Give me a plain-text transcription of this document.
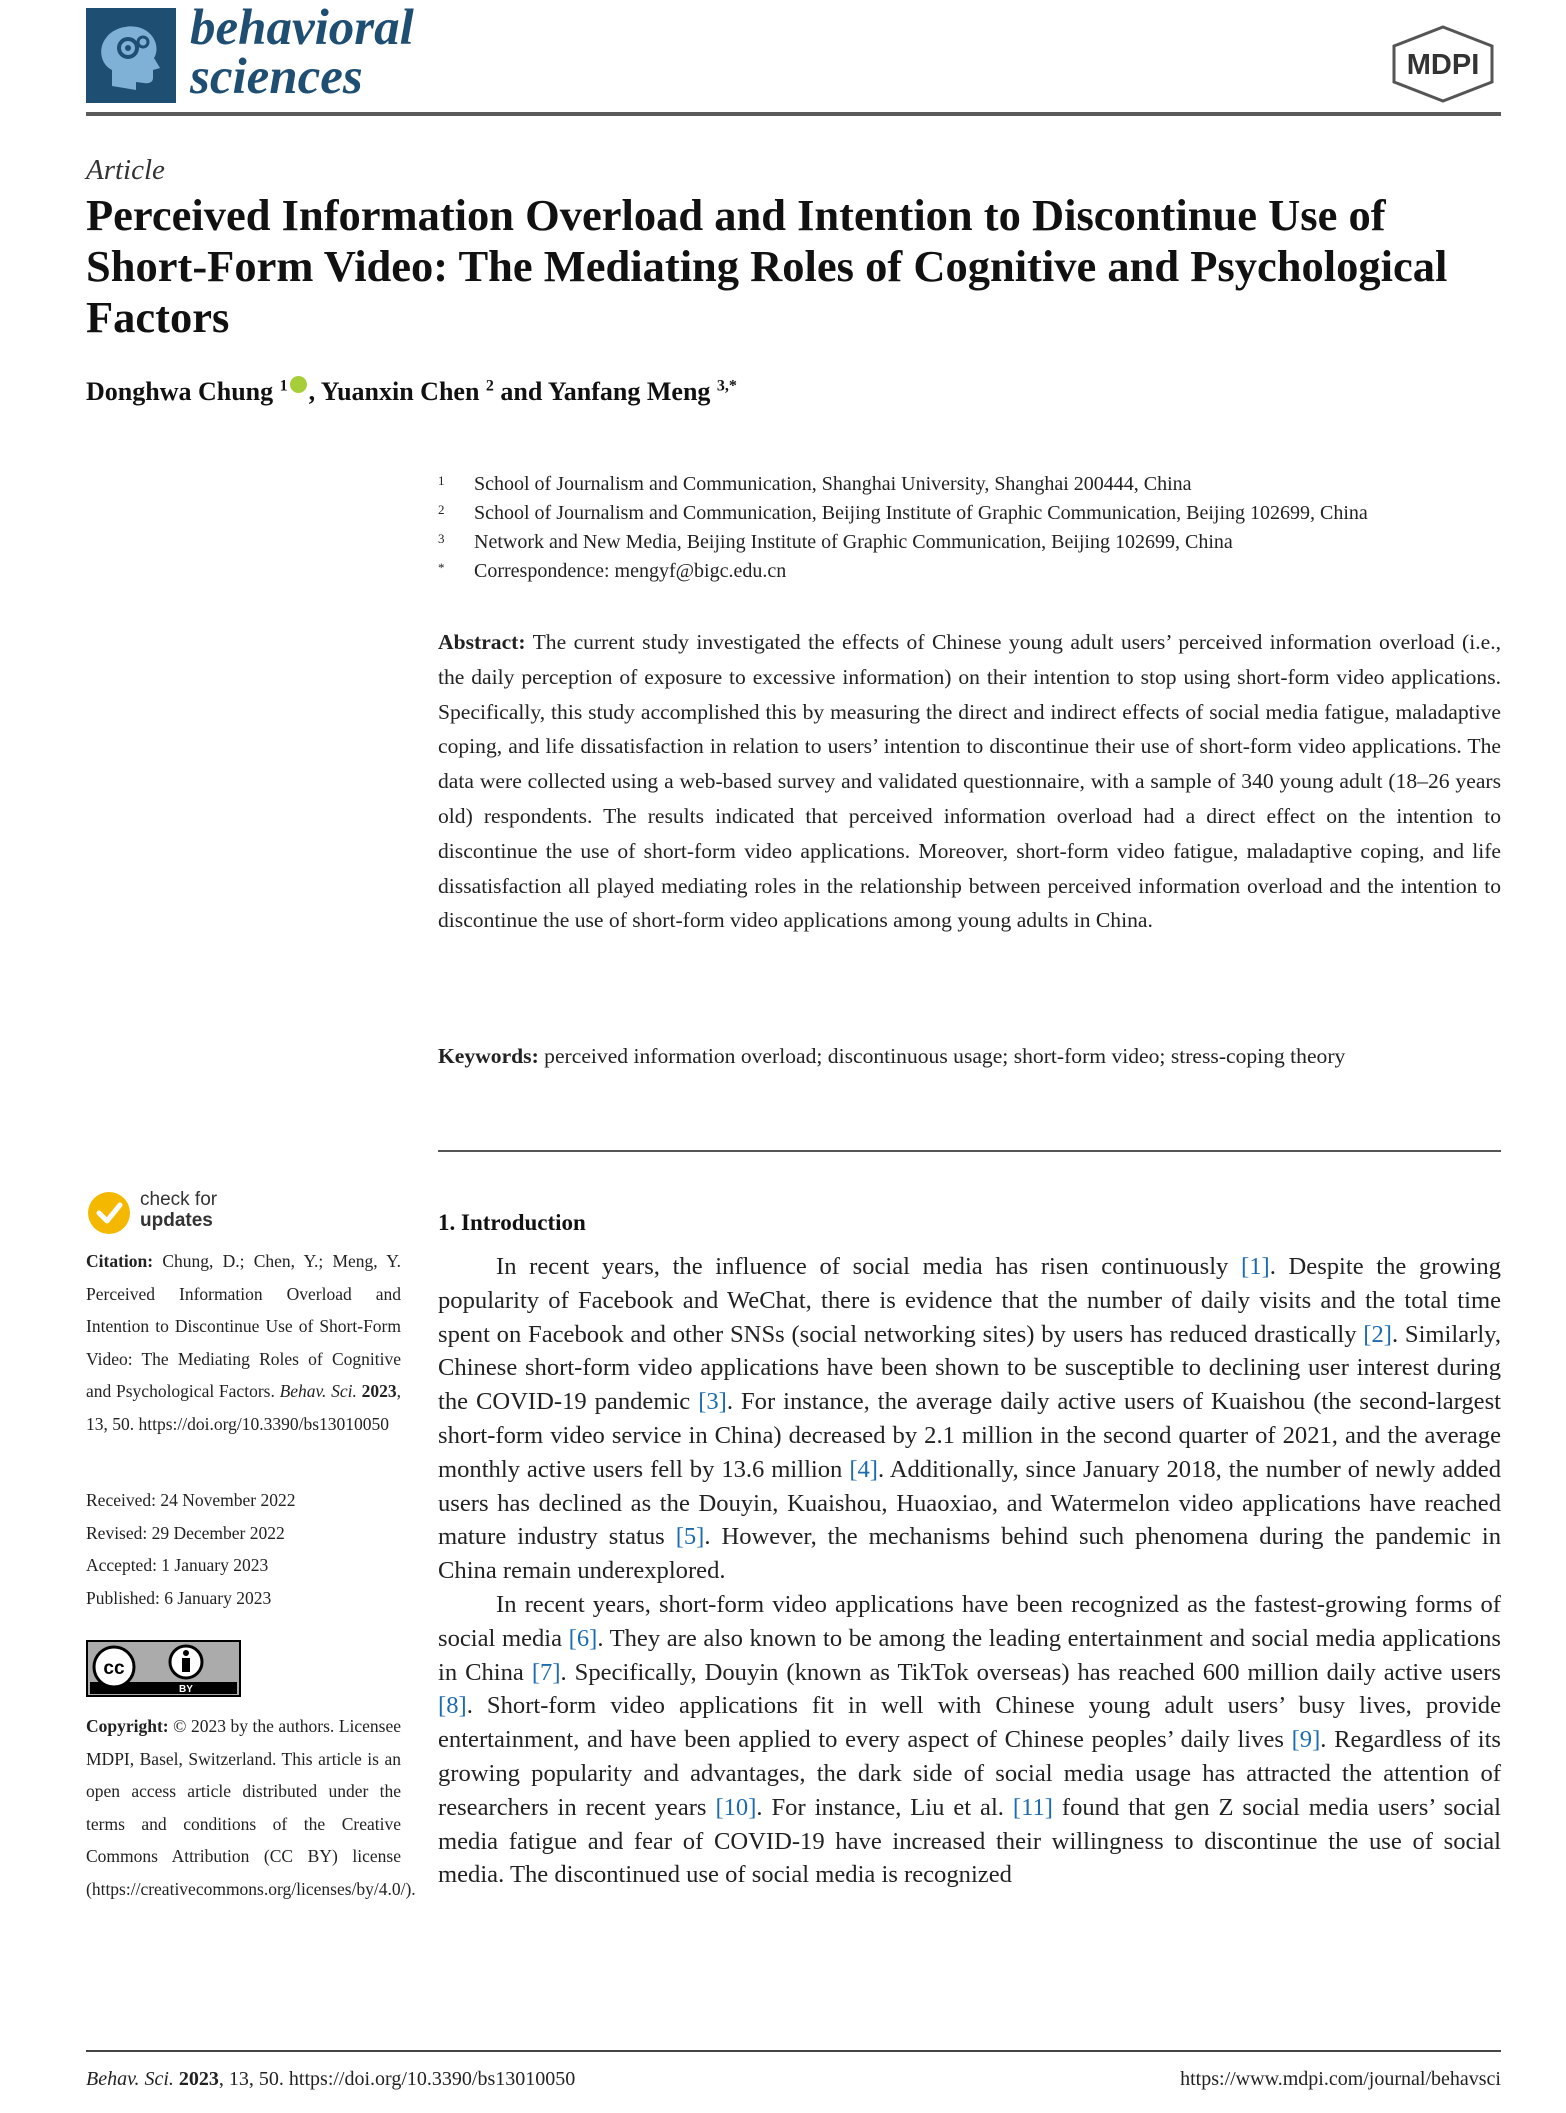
behavioral
sciences	MDPI
Article
Perceived Information Overload and Intention to Discontinue Use of Short-Form Video: The Mediating Roles of Cognitive and Psychological Factors
Donghwa Chung $^1$ , Yuanxin Chen $^2$ and Yanfang Meng $^{3,*}$
1 School of Journalism and Communication, Shanghai University, Shanghai 200444, China
2 School of Journalism and Communication, Beijing Institute of Graphic Communication, Beijing 102699, China
3 Network and New Media, Beijing Institute of Graphic Communication, Beijing 102699, China
* Correspondence: mengyf@bigc.edu.cn
Abstract: The current study investigated the effects of Chinese young adult users’ perceived information overload (i.e., the daily perception of exposure to excessive information) on their intention to stop using short-form video applications. Specifically, this study accomplished this by measuring the direct and indirect effects of social media fatigue, maladaptive coping, and life dissatisfaction in relation to users’ intention to discontinue their use of short-form video applications. The data were collected using a web-based survey and validated questionnaire, with a sample of 340 young adult (18–26 years old) respondents. The results indicated that perceived information overload had a direct effect on the intention to discontinue the use of short-form video applications. Moreover, short-form video fatigue, maladaptive coping, and life dissatisfaction all played mediating roles in the relationship between perceived information overload and the intention to discontinue the use of short-form video applications among young adults in China.
Keywords: perceived information overload; discontinuous usage; short-form video; stress-coping theory
1. Introduction

In recent years, the influence of social media has risen continuously [1]. Despite the growing popularity of Facebook and WeChat, there is evidence that the number of daily visits and the total time spent on Facebook and other SNSs (social networking sites) by users has reduced drastically [2]. Similarly, Chinese short-form video applications have been shown to be susceptible to declining user interest during the COVID-19 pandemic [3]. For instance, the average daily active users of Kuaishou (the second-largest short-form video service in China) decreased by 2.1 million in the second quarter of 2021, and the average monthly active users fell by 13.6 million [4]. Additionally, since January 2018, the number of newly added users has declined as the Douyin, Kuaishou, Huaoxiao, and Watermelon video applications have reached mature industry status [5]. However, the mechanisms behind such phenomena during the pandemic in China remain underexplored.

In recent years, short-form video applications have been recognized as the fastest-growing forms of social media [6]. They are also known to be among the leading entertainment and social media applications in China [7]. Specifically, Douyin (known as TikTok overseas) has reached 600 million daily active users [8]. Short-form video applications fit in well with Chinese young adult users’ busy lives, provide entertainment, and have been applied to every aspect of Chinese peoples’ daily lives [9]. Regardless of its growing popularity and advantages, the dark side of social media usage has attracted the attention of researchers in recent years [10]. For instance, Liu et al. [11] found that gen Z social media users’ social media fatigue and fear of COVID-19 have increased their willingness to discontinue the use of social media. The discontinued use of social media is recognized

check for
updates
Citation: Chung, D.; Chen, Y.; Meng, Y. Perceived Information Overload and Intention to Discontinue Use of Short-Form Video: The Mediating Roles of Cognitive and Psychological Factors. Behav. Sci. 2023, 13, 50. https://doi.org/10.3390/bs13010050
Received: 24 November 2022
Revised: 29 December 2022
Accepted: 1 January 2023
Published: 6 January 2023
cc
BY
Copyright: © 2023 by the authors. Licensee MDPI, Basel, Switzerland. This article is an open access article distributed under the terms and conditions of the Creative Commons Attribution (CC BY) license (https://creativecommons.org/licenses/by/4.0/).
Behav. Sci. 2023, 13, 50. https://doi.org/10.3390/bs13010050	https://www.mdpi.com/journal/behavsci
